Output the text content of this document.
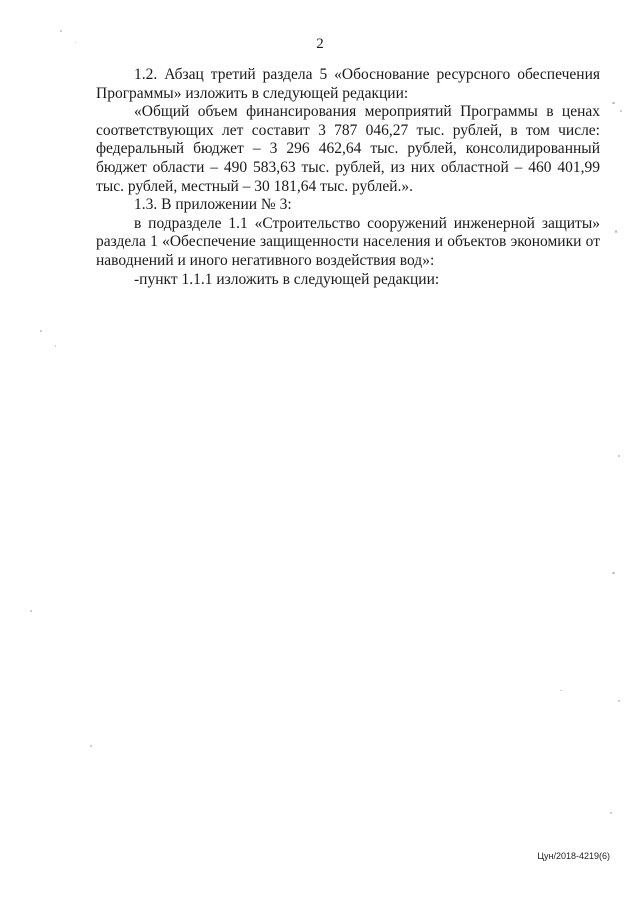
2

1.2. Абзац третий раздела 5 «Обоснование ресурсного обеспечения Программы» изложить в следующей редакции:

«Общий объем финансирования мероприятий Программы в ценах соответствующих лет составит 3 787 046,27 тыс. рублей, в том числе: федеральный бюджет – 3 296 462,64 тыс. рублей, консолидированный бюджет области – 490 583,63 тыс. рублей, из них областной – 460 401,99 тыс. рублей, местный – 30 181,64 тыс. рублей.».

1.3. В приложении № 3:

в подразделе 1.1 «Строительство сооружений инженерной защиты» раздела 1 «Обеспечение защищенности населения и объектов экономики от наводнений и иного негативного воздействия вод»:

-пункт 1.1.1 изложить в следующей редакции:

Цун/2018-4219(6)
